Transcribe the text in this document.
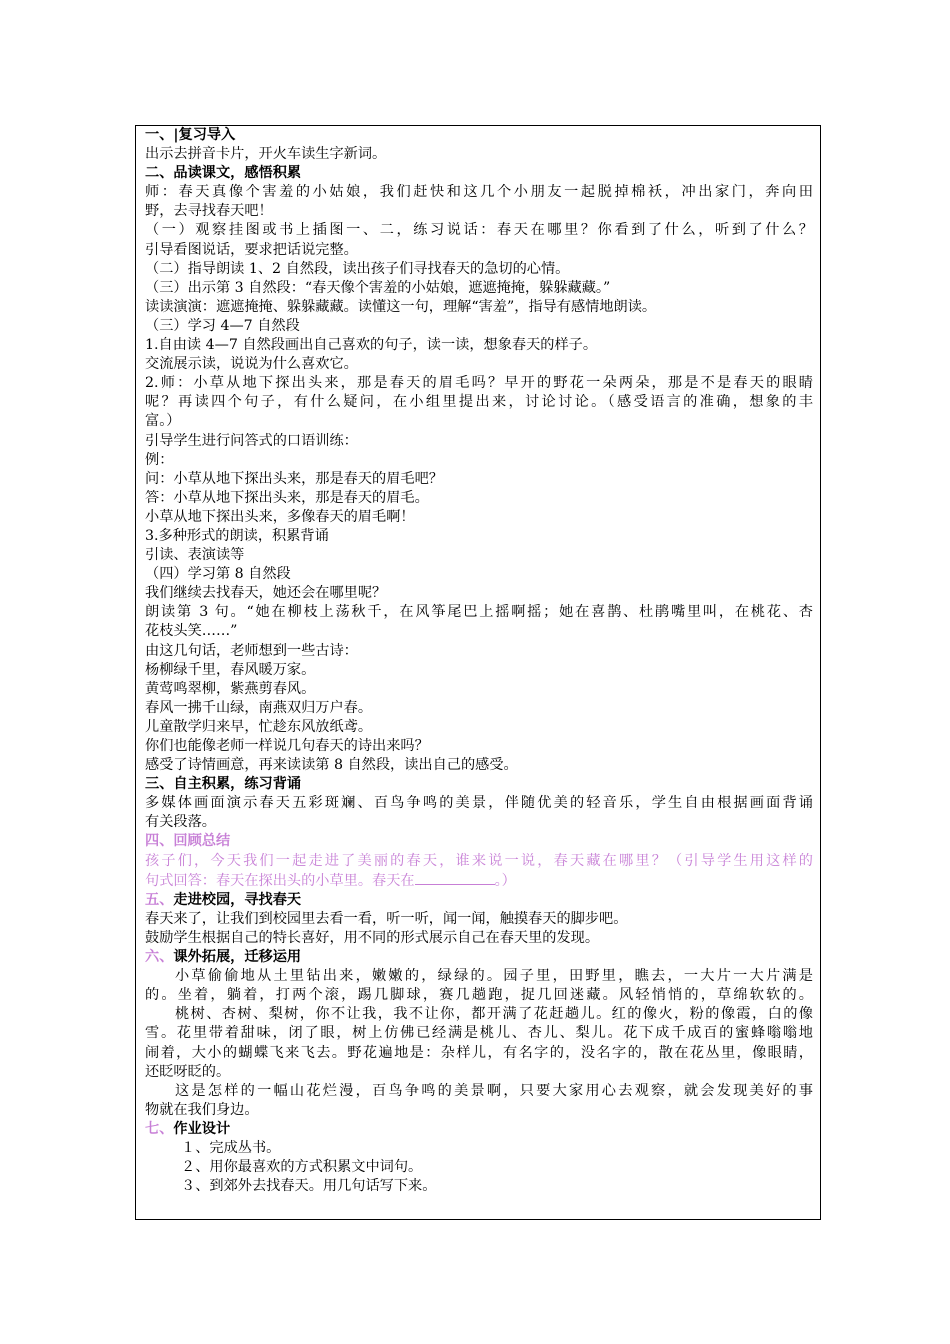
一、|复习导入
出示去拼音卡片，开火车读生字新词。
二、品读课文，感悟积累
师：春天真像个害羞的小姑娘，我们赶快和这几个小朋友一起脱掉棉袄，冲出家门，奔向田
野，去寻找春天吧！
（一）观察挂图或书上插图一、二，练习说话：春天在哪里？你看到了什么，听到了什么？
引导看图说话，要求把话说完整。
（二）指导朗读 1、2 自然段，读出孩子们寻找春天的急切的心情。
（三）出示第 3 自然段：“春天像个害羞的小姑娘，遮遮掩掩，躲躲藏藏。”
读读演演：遮遮掩掩、躲躲藏藏。读懂这一句，理解“害羞”，指导有感情地朗读。
（三）学习 4—7 自然段
1.自由读 4—7 自然段画出自己喜欢的句子，读一读，想象春天的样子。
交流展示读，说说为什么喜欢它。
2.师：小草从地下探出头来，那是春天的眉毛吗？早开的野花一朵两朵，那是不是春天的眼睛
呢？再读四个句子，有什么疑问，在小组里提出来，讨论讨论。（感受语言的准确，想象的丰
富。）
引导学生进行问答式的口语训练：
例：
问：小草从地下探出头来，那是春天的眉毛吧？
答：小草从地下探出头来，那是春天的眉毛。
小草从地下探出头来，多像春天的眉毛啊！
3.多种形式的朗读，积累背诵
引读、表演读等
（四）学习第 8 自然段
我们继续去找春天，她还会在哪里呢？
朗读第 3 句。“她在柳枝上荡秋千，在风筝尾巴上摇啊摇；她在喜鹊、杜鹃嘴里叫，在桃花、杏
花枝头笑……”
由这几句话，老师想到一些古诗：
杨柳绿千里，春风暖万家。
黄莺鸣翠柳，紫燕剪春风。
春风一拂千山绿，南燕双归万户春。
儿童散学归来早，忙趁东风放纸鸢。
你们也能像老师一样说几句春天的诗出来吗？
感受了诗情画意，再来读读第 8 自然段，读出自己的感受。
三、自主积累，练习背诵
多媒体画面演示春天五彩斑斓、百鸟争鸣的美景，伴随优美的轻音乐，学生自由根据画面背诵
有关段落。
四、回顾总结
孩子们，今天我们一起走进了美丽的春天，谁来说一说，春天藏在哪里？（引导学生用这样的
句式回答：春天在探出头的小草里。春天在	。）
五、走进校园，寻找春天
春天来了，让我们到校园里去看一看，听一听，闻一闻，触摸春天的脚步吧。
鼓励学生根据自己的特长喜好，用不同的形式展示自己在春天里的发现。
六、课外拓展，迁移运用
小草偷偷地从土里钻出来，嫩嫩的，绿绿的。园子里，田野里，瞧去，一大片一大片满是
的。坐着，躺着，打两个滚，踢几脚球，赛几趟跑，捉几回迷藏。风轻悄悄的，草绵软软的。
桃树、杏树、梨树，你不让我，我不让你，都开满了花赶趟儿。红的像火，粉的像霞，白的像
雪。花里带着甜味，闭了眼，树上仿佛已经满是桃儿、杏儿、梨儿。花下成千成百的蜜蜂嗡嗡地
闹着，大小的蝴蝶飞来飞去。野花遍地是：杂样儿，有名字的，没名字的，散在花丛里，像眼睛，
还眨呀眨的。
这是怎样的一幅山花烂漫，百鸟争鸣的美景啊，只要大家用心去观察，就会发现美好的事
物就在我们身边。
七、作业设计
１、完成丛书。
２、用你最喜欢的方式积累文中词句。
３、到郊外去找春天。用几句话写下来。
